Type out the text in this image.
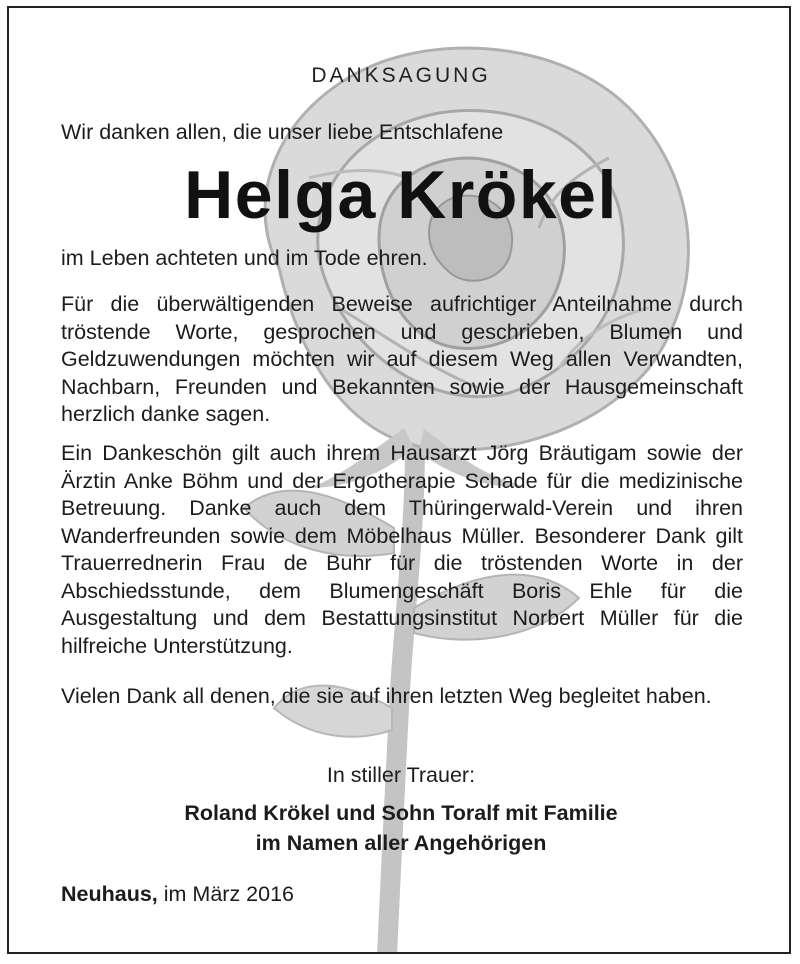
DANKSAGUNG
Wir danken allen, die unser liebe Entschlafene
Helga Krökel
im Leben achteten und im Tode ehren.
Für die überwältigenden Beweise aufrichtiger Anteilnahme durch tröstende Worte, gesprochen und geschrieben, Blumen und Geldzuwendungen möchten wir auf diesem Weg allen Verwandten, Nachbarn, Freunden und Bekannten sowie der Hausgemeinschaft herzlich danke sagen.
Ein Dankeschön gilt auch ihrem Hausarzt Jörg Bräutigam sowie der Ärztin Anke Böhm und der Ergotherapie Schade für die medizinische Betreuung. Danke auch dem Thüringerwald-Verein und ihren Wanderfreunden sowie dem Möbelhaus Müller. Besonderer Dank gilt Trauerrednerin Frau de Buhr für die tröstenden Worte in der Abschiedsstunde, dem Blumengeschäft Boris Ehle für die Ausgestaltung und dem Bestattungsinstitut Norbert Müller für die hilfreiche Unterstützung.
Vielen Dank all denen, die sie auf ihren letzten Weg begleitet haben.
In stiller Trauer:
Roland Krökel und Sohn Toralf mit Familie
im Namen aller Angehörigen
Neuhaus, im März 2016
